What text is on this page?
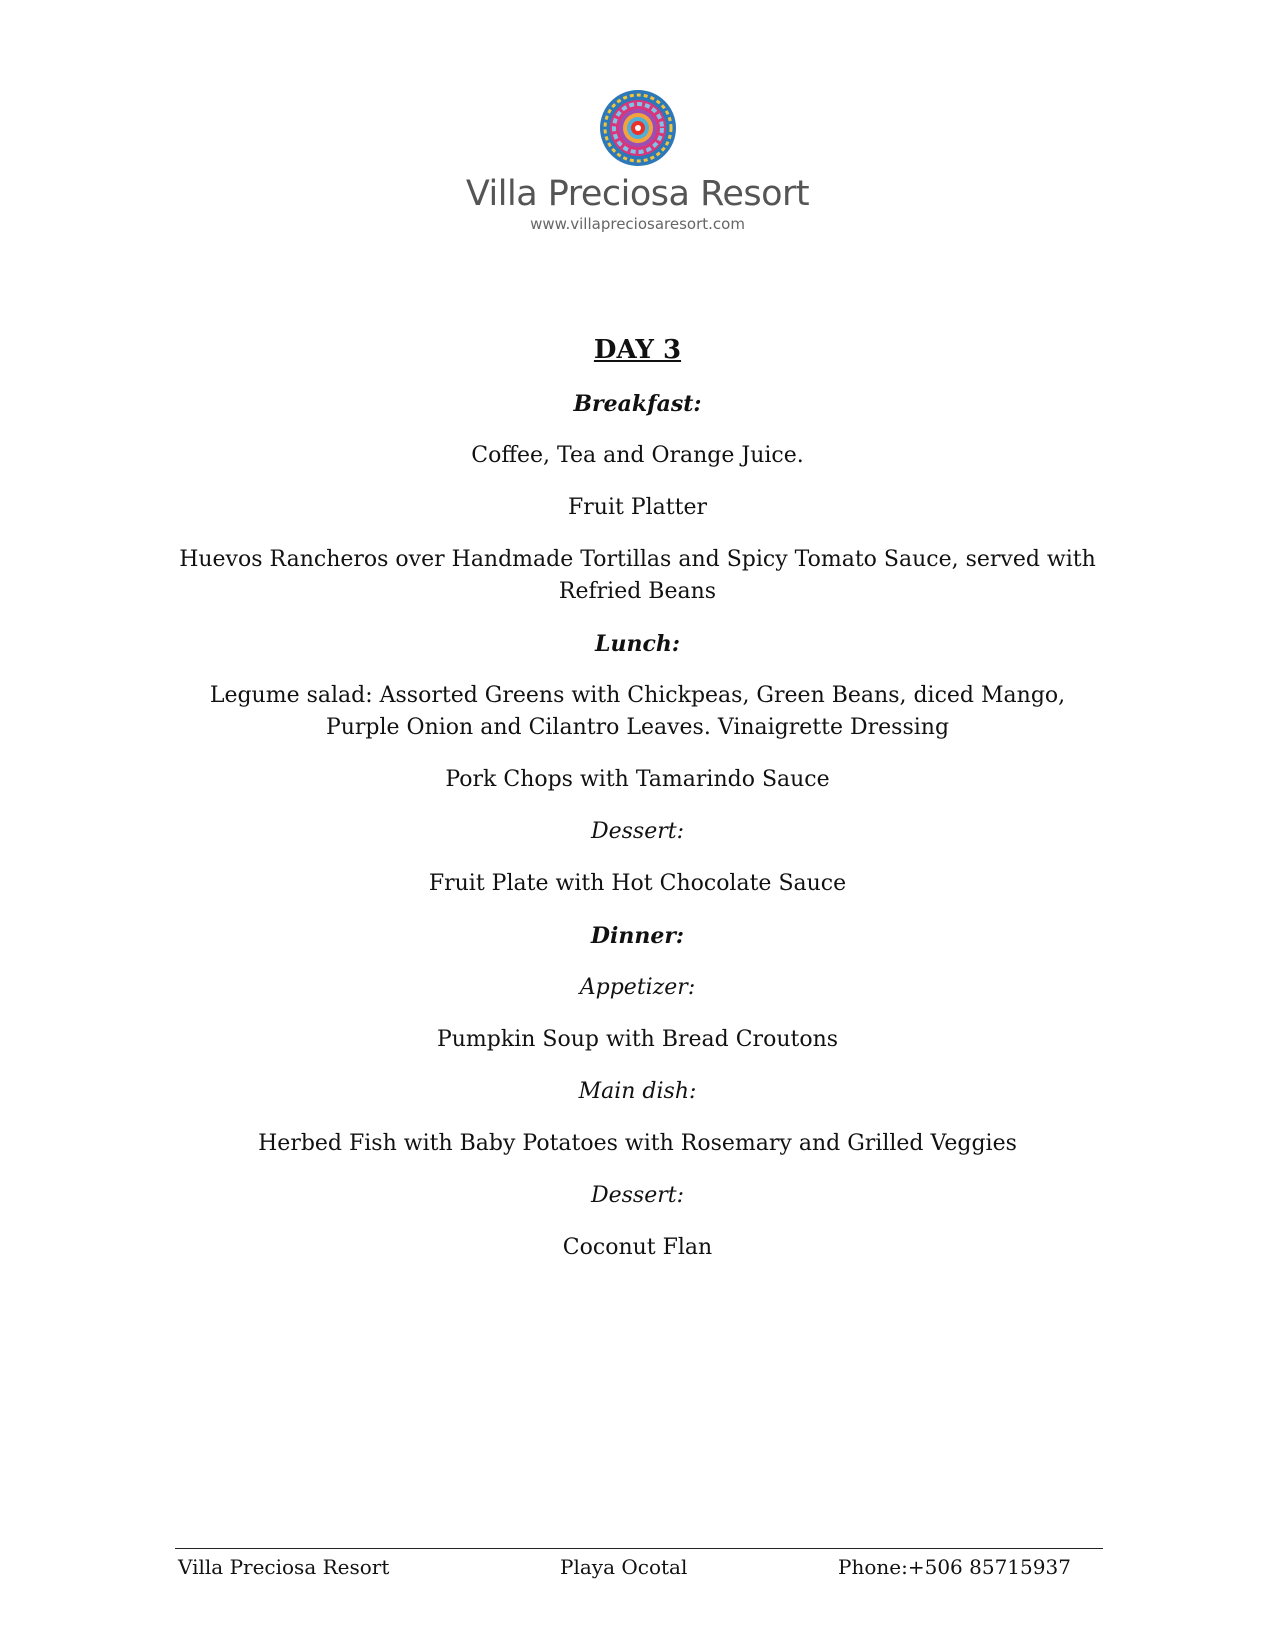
Villa Preciosa Resort
www.villapreciosaresort.com

DAY 3

Breakfast:

Coffee, Tea and Orange Juice.

Fruit Platter

Huevos Rancheros over Handmade Tortillas and Spicy Tomato Sauce, served with Refried Beans

Lunch:

Legume salad: Assorted Greens with Chickpeas, Green Beans, diced Mango, Purple Onion and Cilantro Leaves. Vinaigrette Dressing

Pork Chops with Tamarindo Sauce

Dessert:

Fruit Plate with Hot Chocolate Sauce

Dinner:

Appetizer:

Pumpkin Soup with Bread Croutons

Main dish:

Herbed Fish with Baby Potatoes with Rosemary and Grilled Veggies

Dessert:

Coconut Flan

Villa Preciosa Resort	Playa Ocotal	Phone:+506 85715937
